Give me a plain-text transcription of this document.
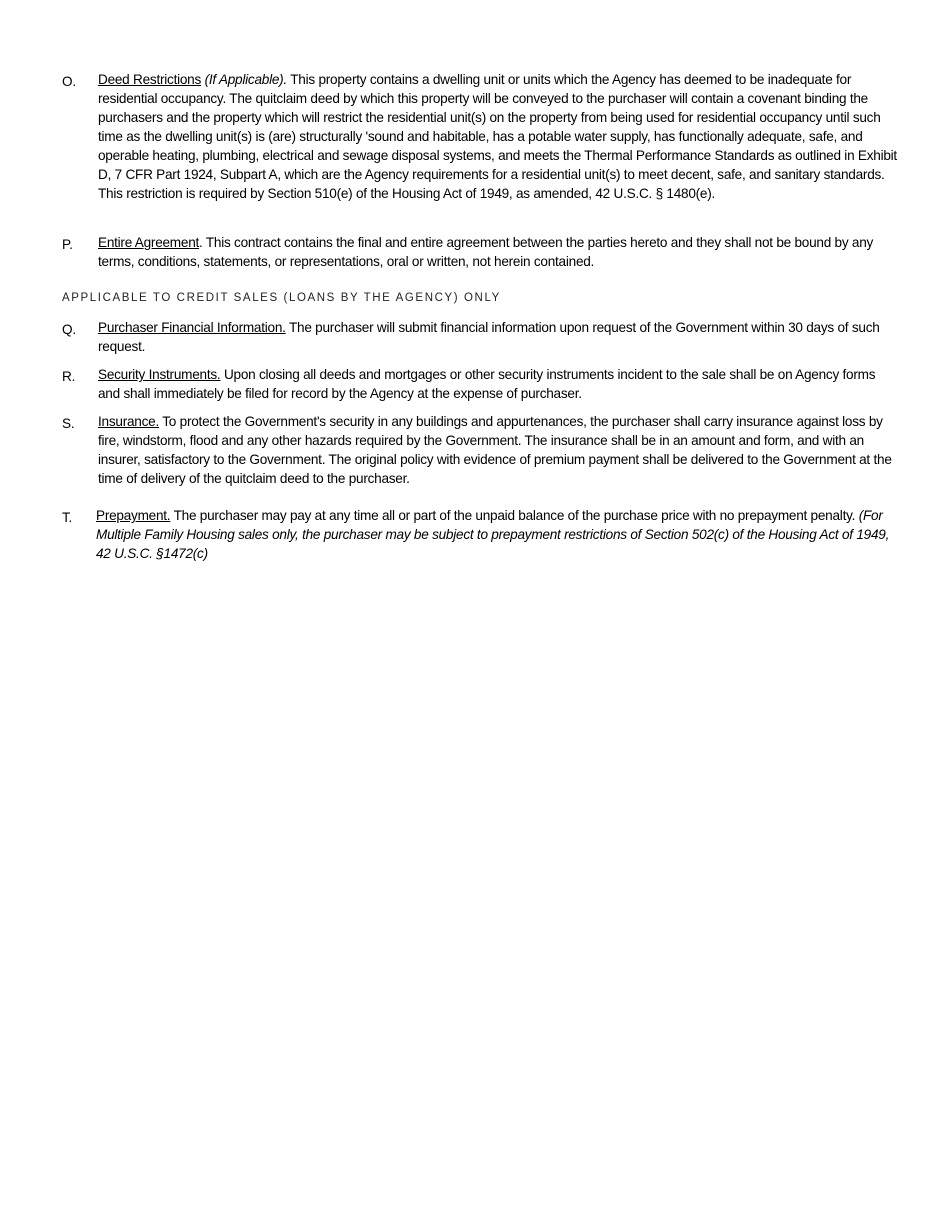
O.	Deed Restrictions (If Applicable). This property contains a dwelling unit or units which the Agency has deemed to be inadequate for residential occupancy. The quitclaim deed by which this property will be conveyed to the purchaser will contain a covenant binding the purchasers and the property which will restrict the residential unit(s) on the property from being used for residential occupancy until such time as the dwelling unit(s) is (are) structurally 'sound and habitable, has a potable water supply, has functionally adequate, safe, and operable heating, plumbing, electrical and sewage disposal systems, and meets the Thermal Performance Standards as outlined in Exhibit D, 7 CFR Part 1924, Subpart A, which are the Agency requirements for a residential unit(s) to meet decent, safe, and sanitary standards. This restriction is required by Section 510(e) of the Housing Act of 1949, as amended, 42 U.S.C. § 1480(e).
P.	Entire Agreement. This contract contains the final and entire agreement between the parties hereto and they shall not be bound by any terms, conditions, statements, or representations, oral or written, not herein contained.
APPLICABLE TO CREDIT SALES (LOANS BY THE AGENCY) ONLY
Q.	Purchaser Financial Information. The purchaser will submit financial information upon request of the Government within 30 days of such request.
R.	Security Instruments. Upon closing all deeds and mortgages or other security instruments incident to the sale shall be on Agency forms and shall immediately be filed for record by the Agency at the expense of purchaser.
S.	Insurance. To protect the Government's security in any buildings and appurtenances, the purchaser shall carry insurance against loss by fire, windstorm, flood and any other hazards required by the Government. The insurance shall be in an amount and form, and with an insurer, satisfactory to the Government. The original policy with evidence of premium payment shall be delivered to the Government at the time of delivery of the quitclaim deed to the purchaser.
T.	Prepayment. The purchaser may pay at any time all or part of the unpaid balance of the purchase price with no prepayment penalty. (For Multiple Family Housing sales only, the purchaser may be subject to prepayment restrictions of Section 502(c) of the Housing Act of 1949, 42 U.S.C. §1472(c)
